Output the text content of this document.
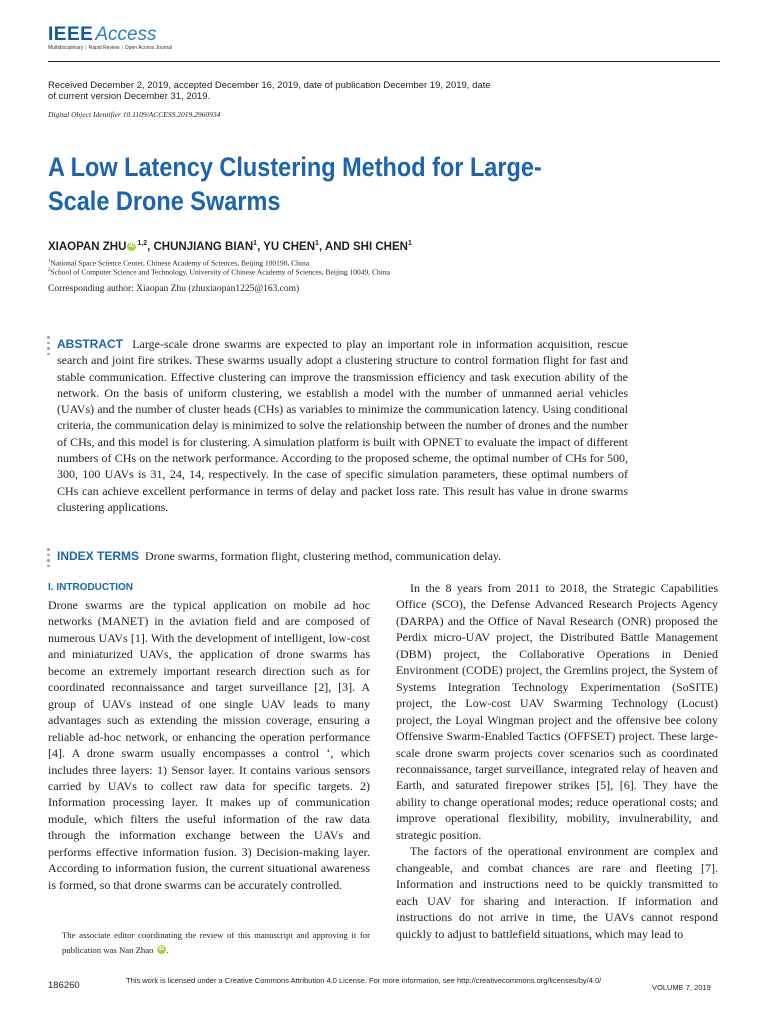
IEEE Access
Multidisciplinary | Rapid Review | Open Access Journal
Received December 2, 2019, accepted December 16, 2019, date of publication December 19, 2019, date of current version December 31, 2019.
Digital Object Identifier 10.1109/ACCESS.2019.2960934
A Low Latency Clustering Method for Large-Scale Drone Swarms
XIAOPAN ZHU iD $^{1,2}$, CHUNJIANG BIAN$^1$, YU CHEN$^1$, AND SHI CHEN$^1$
$^1$National Space Science Center, Chinese Academy of Sciences, Beijing 100190, China
$^2$School of Computer Science and Technology, University of Chinese Academy of Sciences, Beijing 10049, China
Corresponding author: Xiaopan Zhu (zhuxiaopan1225@163.com)
ABSTRACT Large-scale drone swarms are expected to play an important role in information acquisition, rescue search and joint fire strikes. These swarms usually adopt a clustering structure to control formation flight for fast and stable communication. Effective clustering can improve the transmission efficiency and task execution ability of the network. On the basis of uniform clustering, we establish a model with the number of unmanned aerial vehicles (UAVs) and the number of cluster heads (CHs) as variables to minimize the communication latency. Using conditional criteria, the communication delay is minimized to solve the relationship between the number of drones and the number of CHs, and this model is for clustering. A simulation platform is built with OPNET to evaluate the impact of different numbers of CHs on the network performance. According to the proposed scheme, the optimal number of CHs for 500, 300, 100 UAVs is 31, 24, 14, respectively. In the case of specific simulation parameters, these optimal numbers of CHs can achieve excellent performance in terms of delay and packet loss rate. This result has value in drone swarms clustering applications.
INDEX TERMS Drone swarms, formation flight, clustering method, communication delay.
I. INTRODUCTION

Drone swarms are the typical application on mobile ad hoc networks (MANET) in the aviation field and are composed of numerous UAVs [1]. With the development of intelligent, low-cost and miniaturized UAVs, the application of drone swarms has become an extremely important research direction such as for coordinated reconnaissance and target surveillance [2], [3]. A group of UAVs instead of one single UAV leads to many advantages such as extending the mission coverage, ensuring a reliable ad-hoc network, or enhancing the operation performance [4]. A drone swarm usually encompasses a control ‘, which includes three layers: 1) Sensor layer. It contains various sensors carried by UAVs to collect raw data for specific targets. 2) Information processing layer. It makes up of communication module, which filters the useful information of the raw data through the information exchange between the UAVs and performs effective information fusion. 3) Decision-making layer. According to information fusion, the current situational awareness is formed, so that drone swarms can be accurately controlled.

In the 8 years from 2011 to 2018, the Strategic Capabilities Office (SCO), the Defense Advanced Research Projects Agency (DARPA) and the Office of Naval Research (ONR) proposed the Perdix micro-UAV project, the Distributed Battle Management (DBM) project, the Collaborative Operations in Denied Environment (CODE) project, the Gremlins project, the System of Systems Integration Technology Experimentation (SoSITE) project, the Low-cost UAV Swarming Technology (Locust) project, the Loyal Wingman project and the offensive bee colony Offensive Swarm-Enabled Tactics (OFFSET) project. These large-scale drone swarm projects cover scenarios such as coordinated reconnaissance, target surveillance, integrated relay of heaven and Earth, and saturated firepower strikes [5], [6]. They have the ability to change operational modes; reduce operational costs; and improve operational flexibility, mobility, invulnerability, and strategic position.

The factors of the operational environment are complex and changeable, and combat chances are rare and fleeting [7]. Information and instructions need to be quickly transmitted to each UAV for sharing and interaction. If information and instructions do not arrive in time, the UAVs cannot respond quickly to adjust to battlefield situations, which may lead to

The associate editor coordinating the review of this manuscript and approving it for publication was Nan Zhao iD .
186260	This work is licensed under a Creative Commons Attribution 4.0 License. For more information, see http://creativecommons.org/licenses/by/4.0/
VOLUME 7, 2019
